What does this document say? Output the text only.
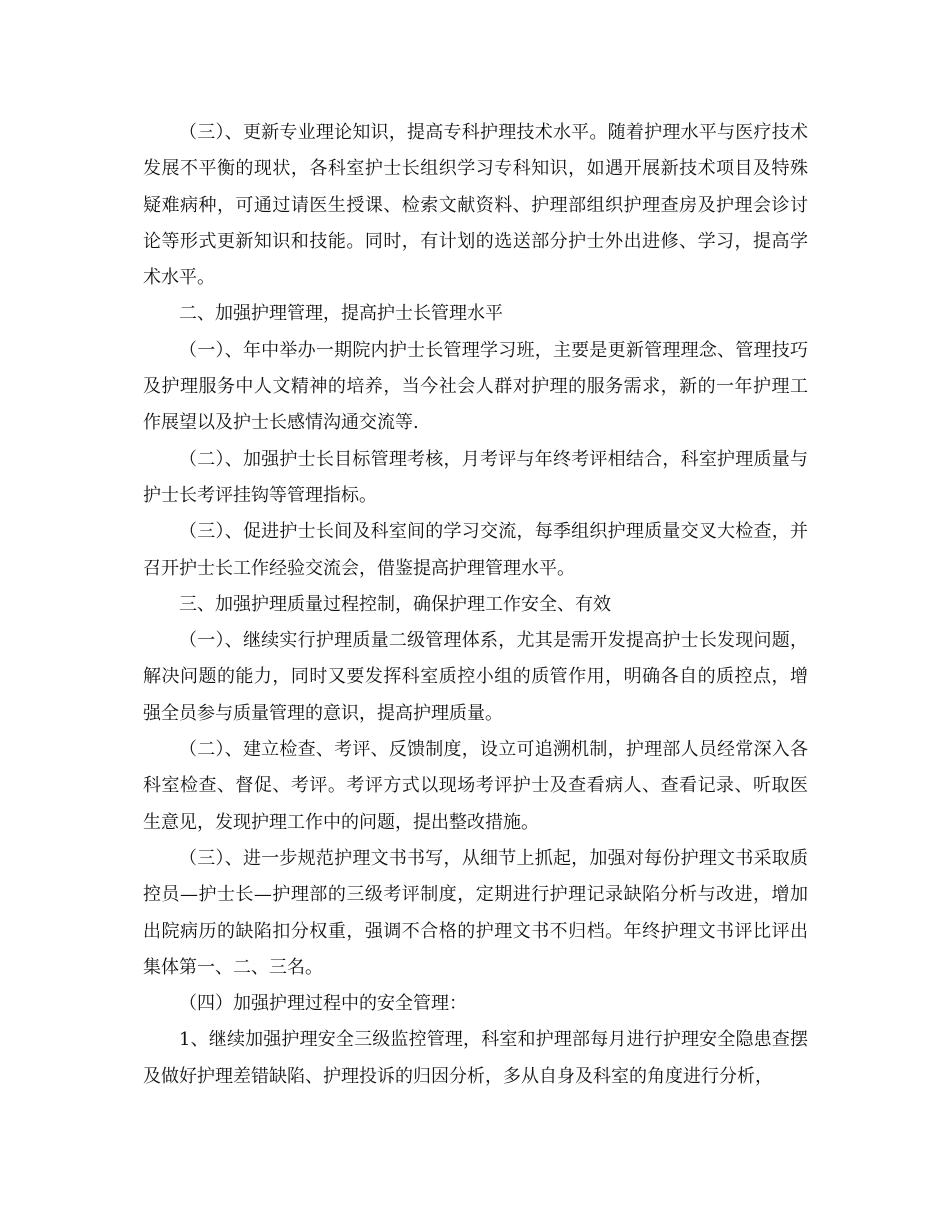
（三）、更新专业理论知识，提高专科护理技术水平。随着护理水平与医疗技术发展不平衡的现状，各科室护士长组织学习专科知识，如遇开展新技术项目及特殊疑难病种，可通过请医生授课、检索文献资料、护理部组织护理查房及护理会诊讨论等形式更新知识和技能。同时，有计划的选送部分护士外出进修、学习，提高学术水平。

二、加强护理管理，提高护士长管理水平

（一）、年中举办一期院内护士长管理学习班，主要是更新管理理念、管理技巧及护理服务中人文精神的培养，当今社会人群对护理的服务需求，新的一年护理工作展望以及护士长感情沟通交流等.

（二）、加强护士长目标管理考核，月考评与年终考评相结合，科室护理质量与护士长考评挂钩等管理指标。

（三）、促进护士长间及科室间的学习交流，每季组织护理质量交叉大检查，并召开护士长工作经验交流会，借鉴提高护理管理水平。

三、加强护理质量过程控制，确保护理工作安全、有效

（一）、继续实行护理质量二级管理体系，尤其是需开发提高护士长发现问题，解决问题的能力，同时又要发挥科室质控小组的质管作用，明确各自的质控点，增强全员参与质量管理的意识，提高护理质量。

（二）、建立检查、考评、反馈制度，设立可追溯机制，护理部人员经常深入各科室检查、督促、考评。考评方式以现场考评护士及查看病人、查看记录、听取医生意见，发现护理工作中的问题，提出整改措施。

（三）、进一步规范护理文书书写，从细节上抓起，加强对每份护理文书采取质控员—护士长—护理部的三级考评制度，定期进行护理记录缺陷分析与改进，增加出院病历的缺陷扣分权重，强调不合格的护理文书不归档。年终护理文书评比评出集体第一、二、三名。

（四）加强护理过程中的安全管理：

1、继续加强护理安全三级监控管理，科室和护理部每月进行护理安全隐患查摆及做好护理差错缺陷、护理投诉的归因分析，多从自身及科室的角度进行分析，
